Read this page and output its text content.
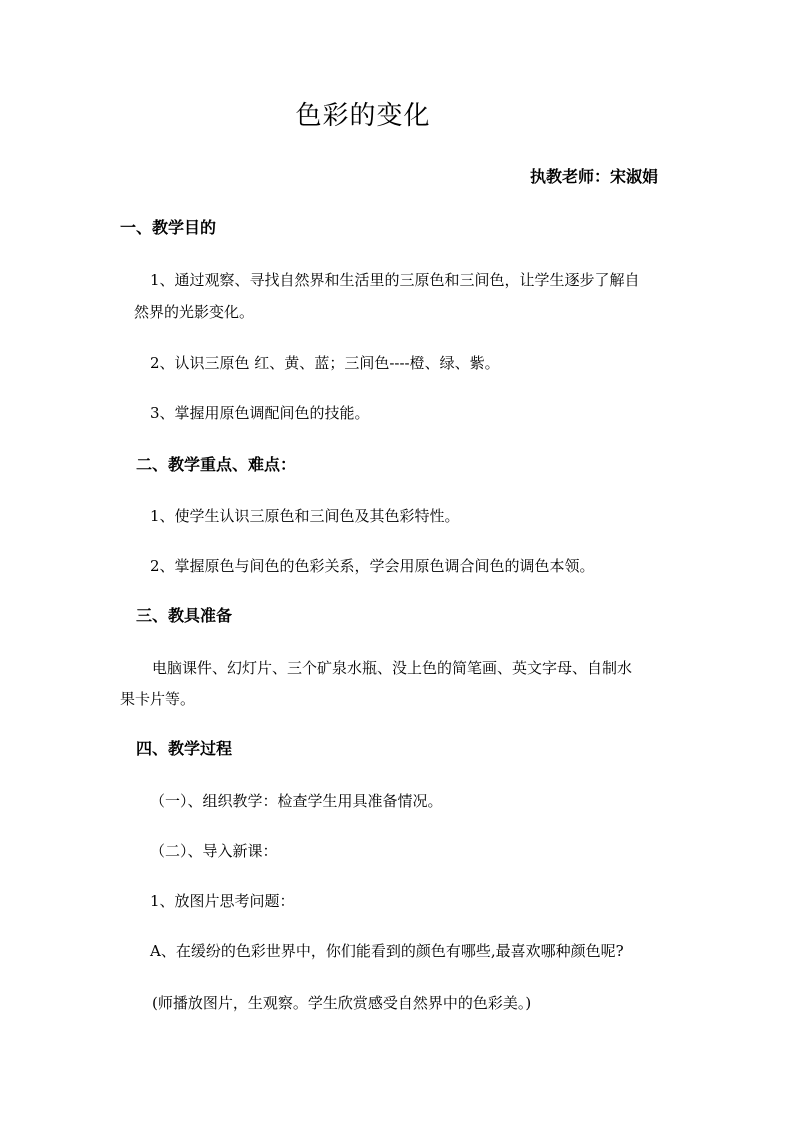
色彩的变化
执教老师：宋淑娟
一、教学目的
1、通过观察、寻找自然界和生活里的三原色和三间色，让学生逐步了解自
然界的光影变化。
2、认识三原色 红、黄、蓝；三间色----橙、绿、紫。
3、掌握用原色调配间色的技能。
二、教学重点、难点：
1、使学生认识三原色和三间色及其色彩特性。
2、掌握原色与间色的色彩关系，学会用原色调合间色的调色本领。
三、教具准备
电脑课件、幻灯片、三个矿泉水瓶、没上色的简笔画、英文字母、自制水
果卡片等。
四、教学过程
（一）、组织教学：检查学生用具准备情况。
（二）、导入新课：
1、放图片思考问题：
A、在缓纷的色彩世界中，你们能看到的颜色有哪些,最喜欢哪种颜色呢?
(师播放图片，生观察。学生欣赏感受自然界中的色彩美。)
